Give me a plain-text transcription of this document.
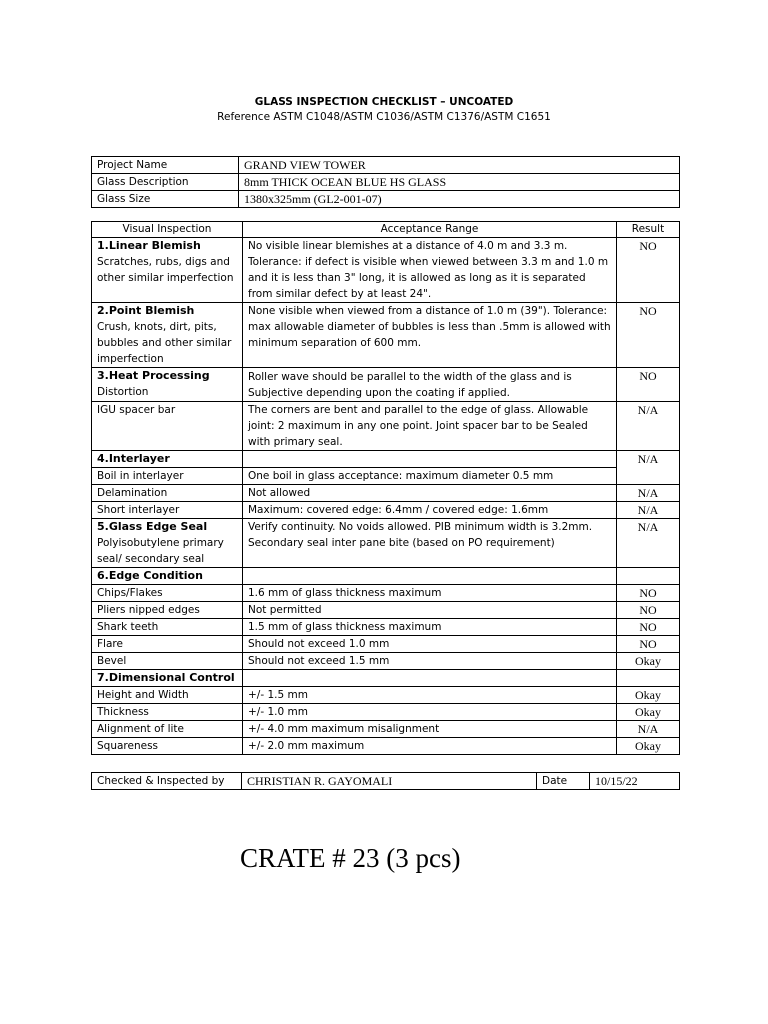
GLASS INSPECTION CHECKLIST – UNCOATED
Reference ASTM C1048/ASTM C1036/ASTM C1376/ASTM C1651
Project Name	GRAND VIEW TOWER
Glass Description	8mm THICK OCEAN BLUE HS GLASS
Glass Size	1380x325mm (GL2-001-07)
Visual Inspection	Acceptance Range	Result

1.Linear Blemish
Scratches, rubs, digs and other similar imperfection	No visible linear blemishes at a distance of 4.0 m and 3.3 m. Tolerance: if defect is visible when viewed between 3.3 m and 1.0 m and it is less than 3" long, it is allowed as long as it is separated from similar defect by at least 24".	NO

2.Point Blemish
Crush, knots, dirt, pits, bubbles and other similar imperfection	None visible when viewed from a distance of 1.0 m (39"). Tolerance: max allowable diameter of bubbles is less than .5mm is allowed with minimum separation of 600 mm.	NO

3.Heat Processing
Distortion	Roller wave should be parallel to the width of the glass and is Subjective depending upon the coating if applied.	NO
IGU spacer bar	The corners are bent and parallel to the edge of glass. Allowable joint: 2 maximum in any one point. Joint spacer bar to be Sealed with primary seal.	N/A
4.Interlayer		N/A
Boil in interlayer	One boil in glass acceptance: maximum diameter 0.5 mm	
Delamination	Not allowed	N/A
Short interlayer	Maximum: covered edge: 6.4mm / covered edge: 1.6mm	N/A

5.Glass Edge Seal
Polyisobutylene primary seal/ secondary seal	Verify continuity. No voids allowed. PIB minimum width is 3.2mm. Secondary seal inter pane bite (based on PO requirement)	N/A
6.Edge Condition		
Chips/Flakes	1.6 mm of glass thickness maximum	NO
Pliers nipped edges	Not permitted	NO
Shark teeth	1.5 mm of glass thickness maximum	NO
Flare	Should not exceed 1.0 mm	NO
Bevel	Should not exceed 1.5 mm	Okay
7.Dimensional Control		
Height and Width	+/- 1.5 mm	Okay
Thickness	+/- 1.0 mm	Okay
Alignment of lite	+/- 4.0 mm maximum misalignment	N/A
Squareness	+/- 2.0 mm maximum	Okay
Checked & Inspected by	CHRISTIAN R. GAYOMALI	Date	10/15/22
CRATE # 23 (3 pcs)
